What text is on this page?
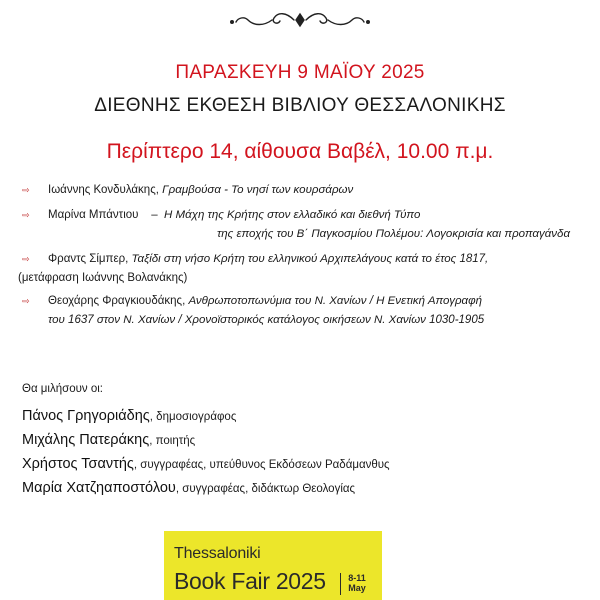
ΠΑΡΑΣΚΕΥΗ 9 ΜΑΪΟΥ 2025
ΔΙΕΘΝΗΣ ΕΚΘΕΣΗ ΒΙΒΛΙΟΥ ΘΕΣΣΑΛΟΝΙΚΗΣ
Περίπτερο 14, αίθουσα Βαβέλ, 10.00 π.μ.
⇨ Ιωάννης Κονδυλάκης, Γραμβούσα - Το νησί των κουρσάρων
⇨ Μαρίνα Μπάντιου    –  Η Μάχη της Κρήτης στον ελλαδικό και διεθνή Τύπο
της εποχής του Β΄ Παγκοσμίου Πολέμου: Λογοκρισία και προπαγάνδα
⇨ Φραντς Σίμπερ, Ταξίδι στη νήσο Κρήτη του ελληνικού Αρχιπελάγους κατά το έτος 1817,
(μετάφραση Ιωάννης Βολανάκης)
⇨ Θεοχάρης Φραγκιουδάκης, Ανθρωποτοπωνύμια του Ν. Χανίων / Η Ενετική Απογραφή
του 1637 στον Ν. Χανίων / Χρονοϊστορικός κατάλογος οικήσεων Ν. Χανίων 1030-1905
Θα μιλήσουν οι:
Πάνος Γρηγοριάδης, δημοσιογράφος
Μιχάλης Πατεράκης, ποιητής
Χρήστος Τσαντής, συγγραφέας, υπεύθυνος Εκδόσεων Ραδάμανθυς
Μαρία Χατζηαποστόλου, συγγραφέας, διδάκτωρ Θεολογίας
Thessaloniki
Book Fair 2025	8-11
May
